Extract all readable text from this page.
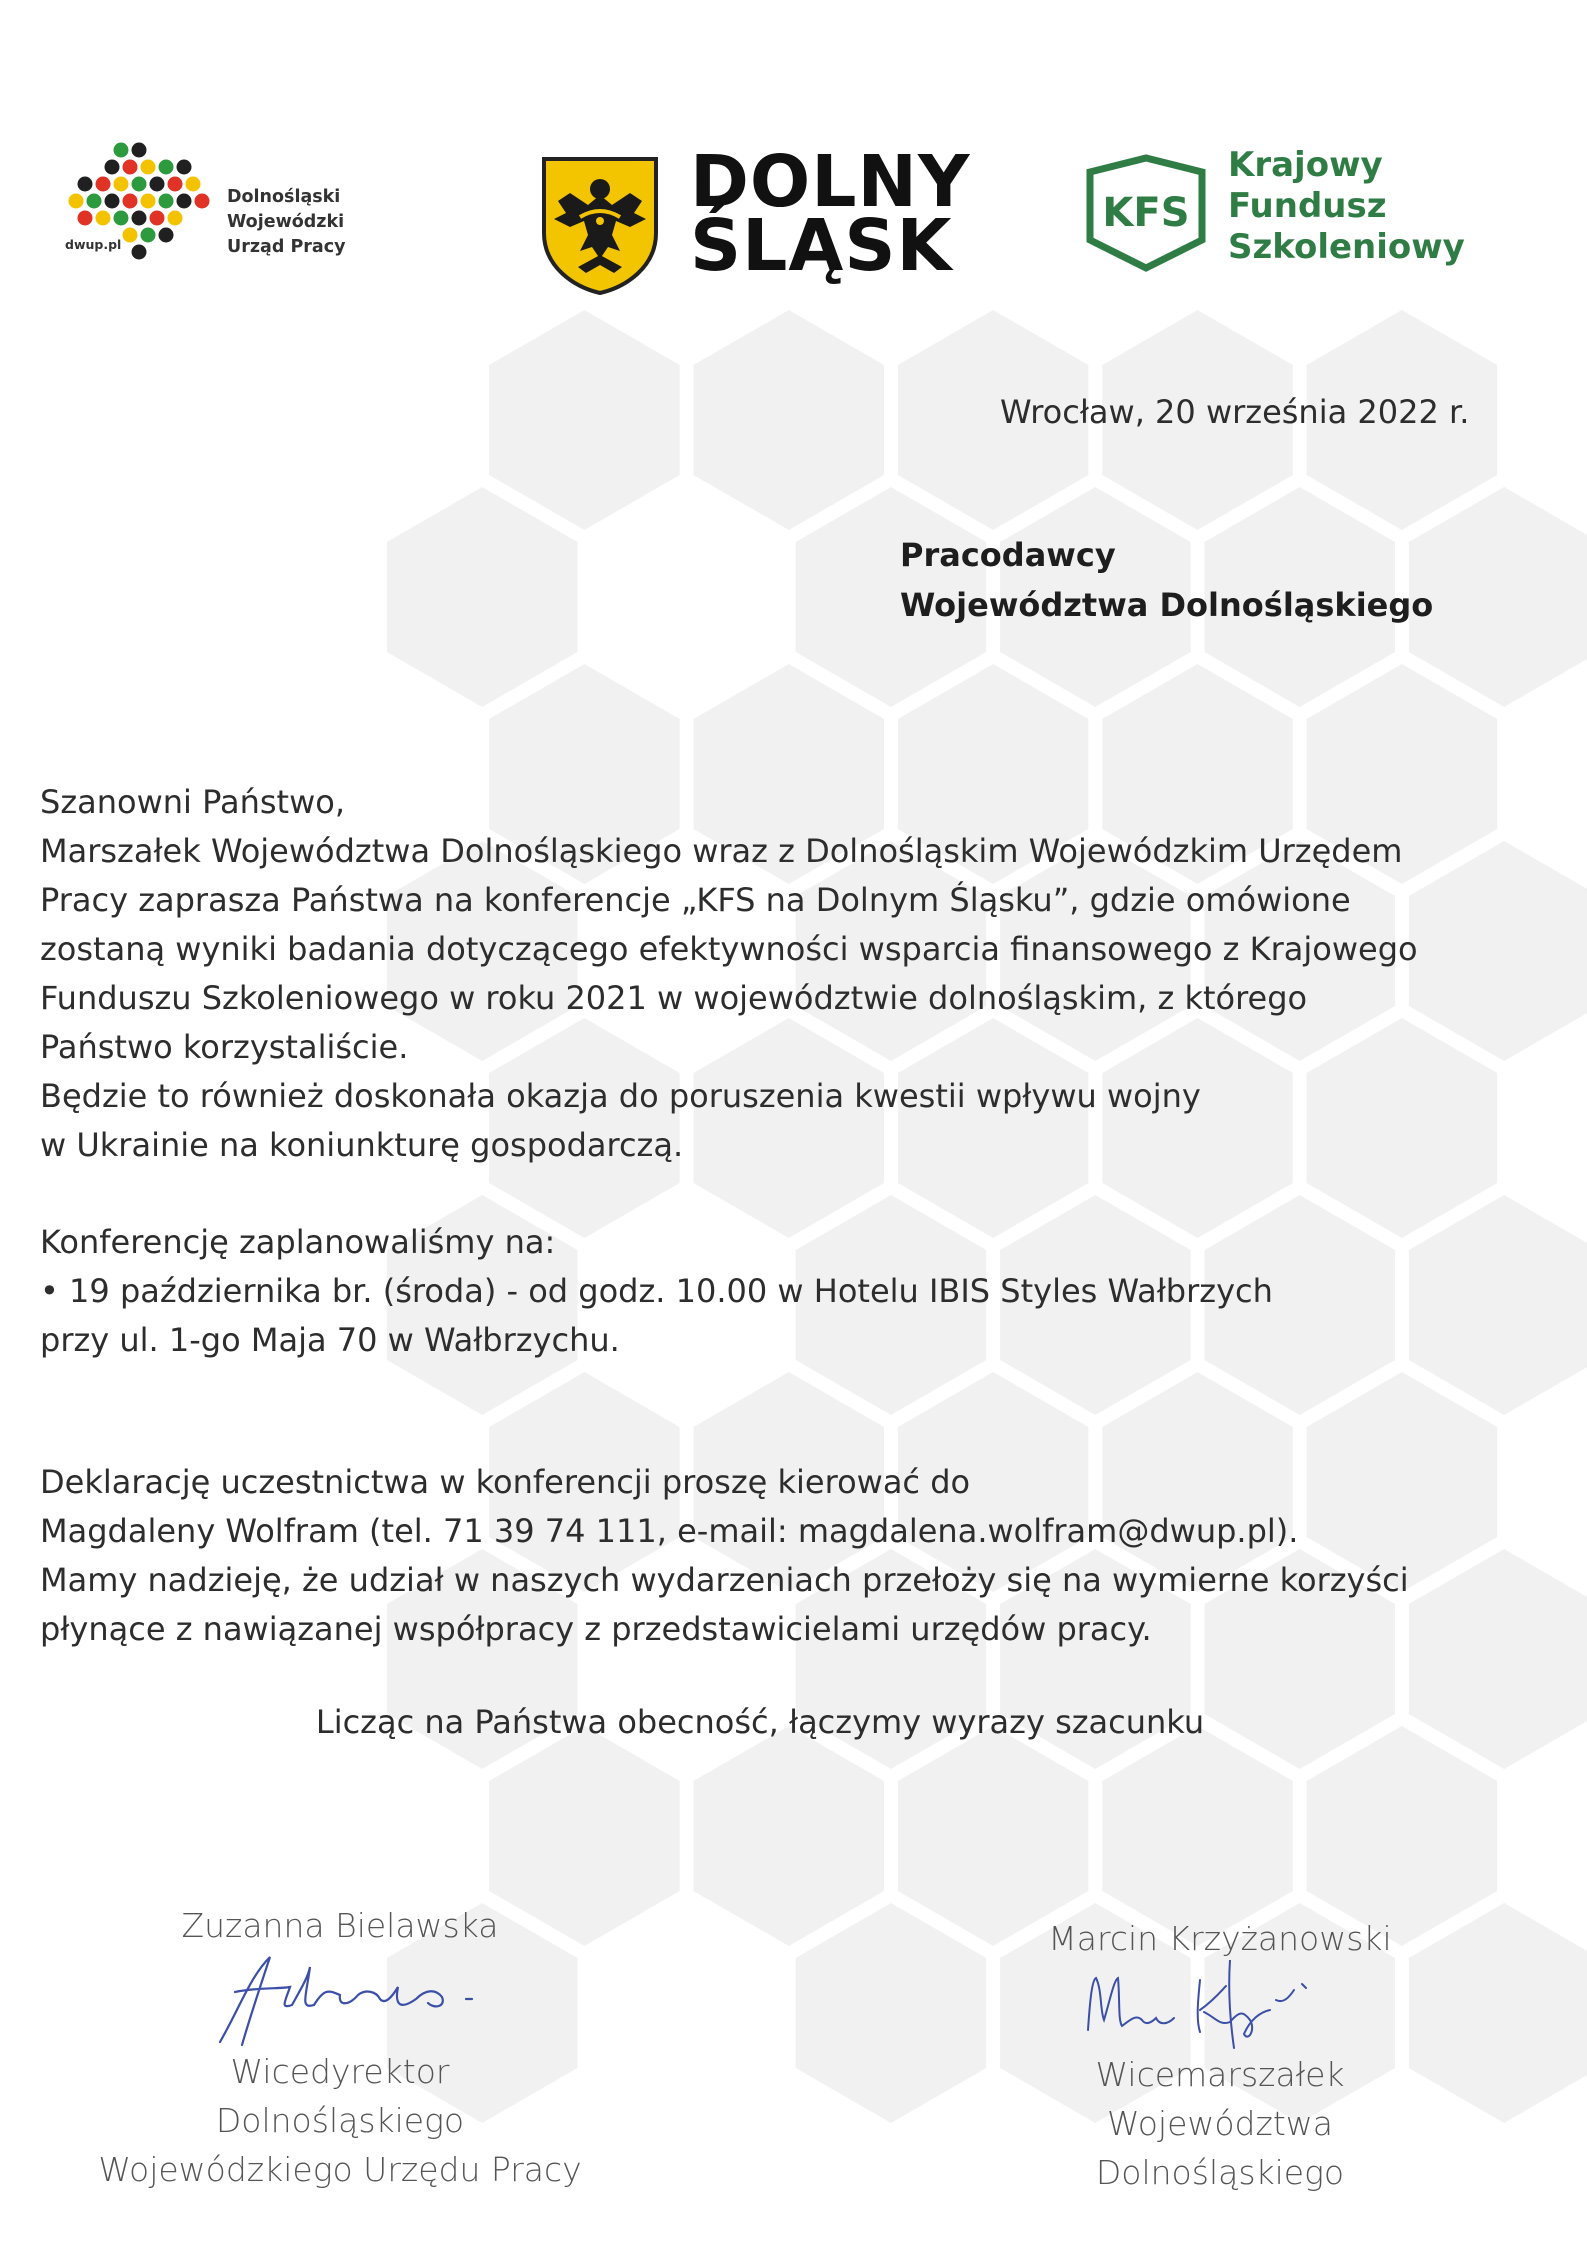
Dolnośląski
Wojewódzki
Urząd Pracy
dwup.pl
DOLNY
ŚLĄSK	KFS
Krajowy
Fundusz
Szkoleniowy
Wrocław, 20 września 2022 r.
Pracodawcy
Województwa Dolnośląskiego
Szanowni Państwo,
Marszałek Województwa Dolnośląskiego wraz z Dolnośląskim Wojewódzkim Urzędem
Pracy zaprasza Państwa na konferencje „KFS na Dolnym Śląsku”, gdzie omówione
zostaną wyniki badania dotyczącego efektywności wsparcia finansowego z Krajowego
Funduszu Szkoleniowego w roku 2021 w województwie dolnośląskim, z którego
Państwo korzystaliście.
Będzie to również doskonała okazja do poruszenia kwestii wpływu wojny
w Ukrainie na koniunkturę gospodarczą.
Konferencję zaplanowaliśmy na:
• 19 października br. (środa) - od godz. 10.00 w Hotelu IBIS Styles Wałbrzych
przy ul. 1-go Maja 70 w Wałbrzychu.
Deklarację uczestnictwa w konferencji proszę kierować do
Magdaleny Wolfram (tel. 71 39 74 111, e-mail: magdalena.wolfram@dwup.pl).
Mamy nadzieję, że udział w naszych wydarzeniach przełoży się na wymierne korzyści
płynące z nawiązanej współpracy z przedstawicielami urzędów pracy.
Licząc na Państwa obecność, łączymy wyrazy szacunku
Zuzanna Bielawska
Wicedyrektor
Dolnośląskiego
Wojewódzkiego Urzędu Pracy
Marcin Krzyżanowski
Wicemarszałek
Województwa
Dolnośląskiego
